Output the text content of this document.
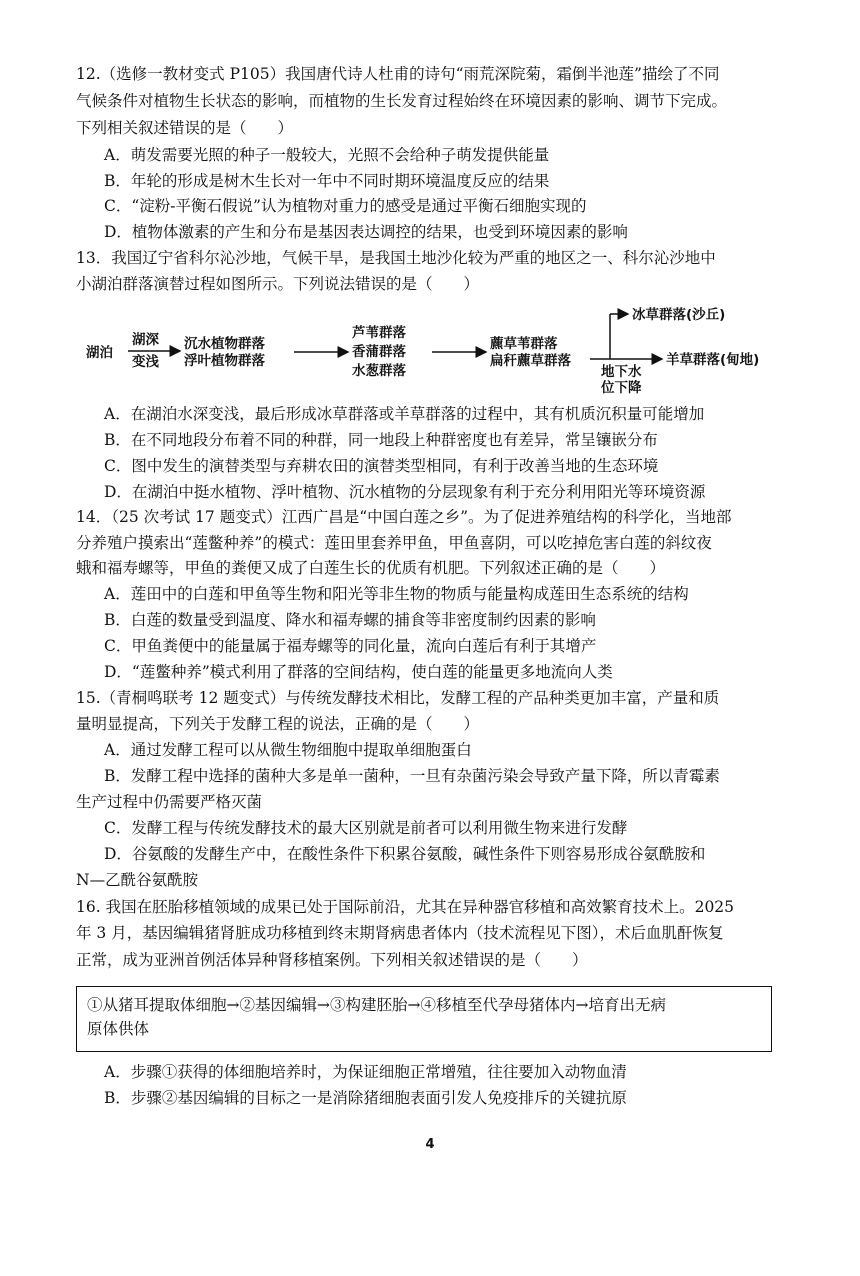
12.（选修一教材变式 P105）我国唐代诗人杜甫的诗句“雨荒深院菊，霜倒半池莲”描绘了不同
气候条件对植物生长状态的影响，而植物的生长发育过程始终在环境因素的影响、调节下完成。
下列相关叙述错误的是（　　）
A．萌发需要光照的种子一般较大，光照不会给种子萌发提供能量
B．年轮的形成是树木生长对一年中不同时期环境温度反应的结果
C．“淀粉-平衡石假说”认为植物对重力的感受是通过平衡石细胞实现的
D．植物体激素的产生和分布是基因表达调控的结果，也受到环境因素的影响
13．我国辽宁省科尔沁沙地，气候干旱，是我国土地沙化较为严重的地区之一、科尔沁沙地中
小湖泊群落演替过程如图所示。下列说法错误的是（　　）
湖泊
湖深
变浅
沉水植物群落
浮叶植物群落
芦苇群落
香蒲群落
水葱群落
藨草苇群落
扁秆藨草群落
冰草群落(沙丘)
羊草群落(甸地)
地下水
位下降
A．在湖泊水深变浅，最后形成冰草群落或羊草群落的过程中，其有机质沉积量可能增加
B．在不同地段分布着不同的种群，同一地段上种群密度也有差异，常呈镶嵌分布
C．图中发生的演替类型与弃耕农田的演替类型相同，有利于改善当地的生态环境
D．在湖泊中挺水植物、浮叶植物、沉水植物的分层现象有利于充分利用阳光等环境资源
14．（25 次考试 17 题变式）江西广昌是“中国白莲之乡”。为了促进养殖结构的科学化，当地部
分养殖户摸索出“莲鳖种养”的模式：莲田里套养甲鱼，甲鱼喜阴，可以吃掉危害白莲的斜纹夜
蛾和福寿螺等，甲鱼的粪便又成了白莲生长的优质有机肥。下列叙述正确的是（　　）
A．莲田中的白莲和甲鱼等生物和阳光等非生物的物质与能量构成莲田生态系统的结构
B．白莲的数量受到温度、降水和福寿螺的捕食等非密度制约因素的影响
C．甲鱼粪便中的能量属于福寿螺等的同化量，流向白莲后有利于其增产
D．“莲鳖种养”模式利用了群落的空间结构，使白莲的能量更多地流向人类
15.（青桐鸣联考 12 题变式）与传统发酵技术相比，发酵工程的产品种类更加丰富，产量和质
量明显提高，下列关于发酵工程的说法，正确的是（　　）
A．通过发酵工程可以从微生物细胞中提取单细胞蛋白
B．发酵工程中选择的菌种大多是单一菌种，一旦有杂菌污染会导致产量下降，所以青霉素
生产过程中仍需要严格灭菌
C．发酵工程与传统发酵技术的最大区别就是前者可以利用微生物来进行发酵
D．谷氨酸的发酵生产中，在酸性条件下积累谷氨酸，碱性条件下则容易形成谷氨酰胺和
N—乙酰谷氨酰胺
16. 我国在胚胎移植领域的成果已处于国际前沿，尤其在异种器官移植和高效繁育技术上。2025
年 3 月，基因编辑猪肾脏成功移植到终末期肾病患者体内（技术流程见下图），术后血肌酐恢复
正常，成为亚洲首例活体异种肾移植案例。下列相关叙述错误的是（　　）
①从猪耳提取体细胞→②基因编辑→③构建胚胎→④移植至代孕母猪体内→培育出无病
原体供体
A．步骤①获得的体细胞培养时，为保证细胞正常增殖，往往要加入动物血清
B．步骤②基因编辑的目标之一是消除猪细胞表面引发人免疫排斥的关键抗原
4
